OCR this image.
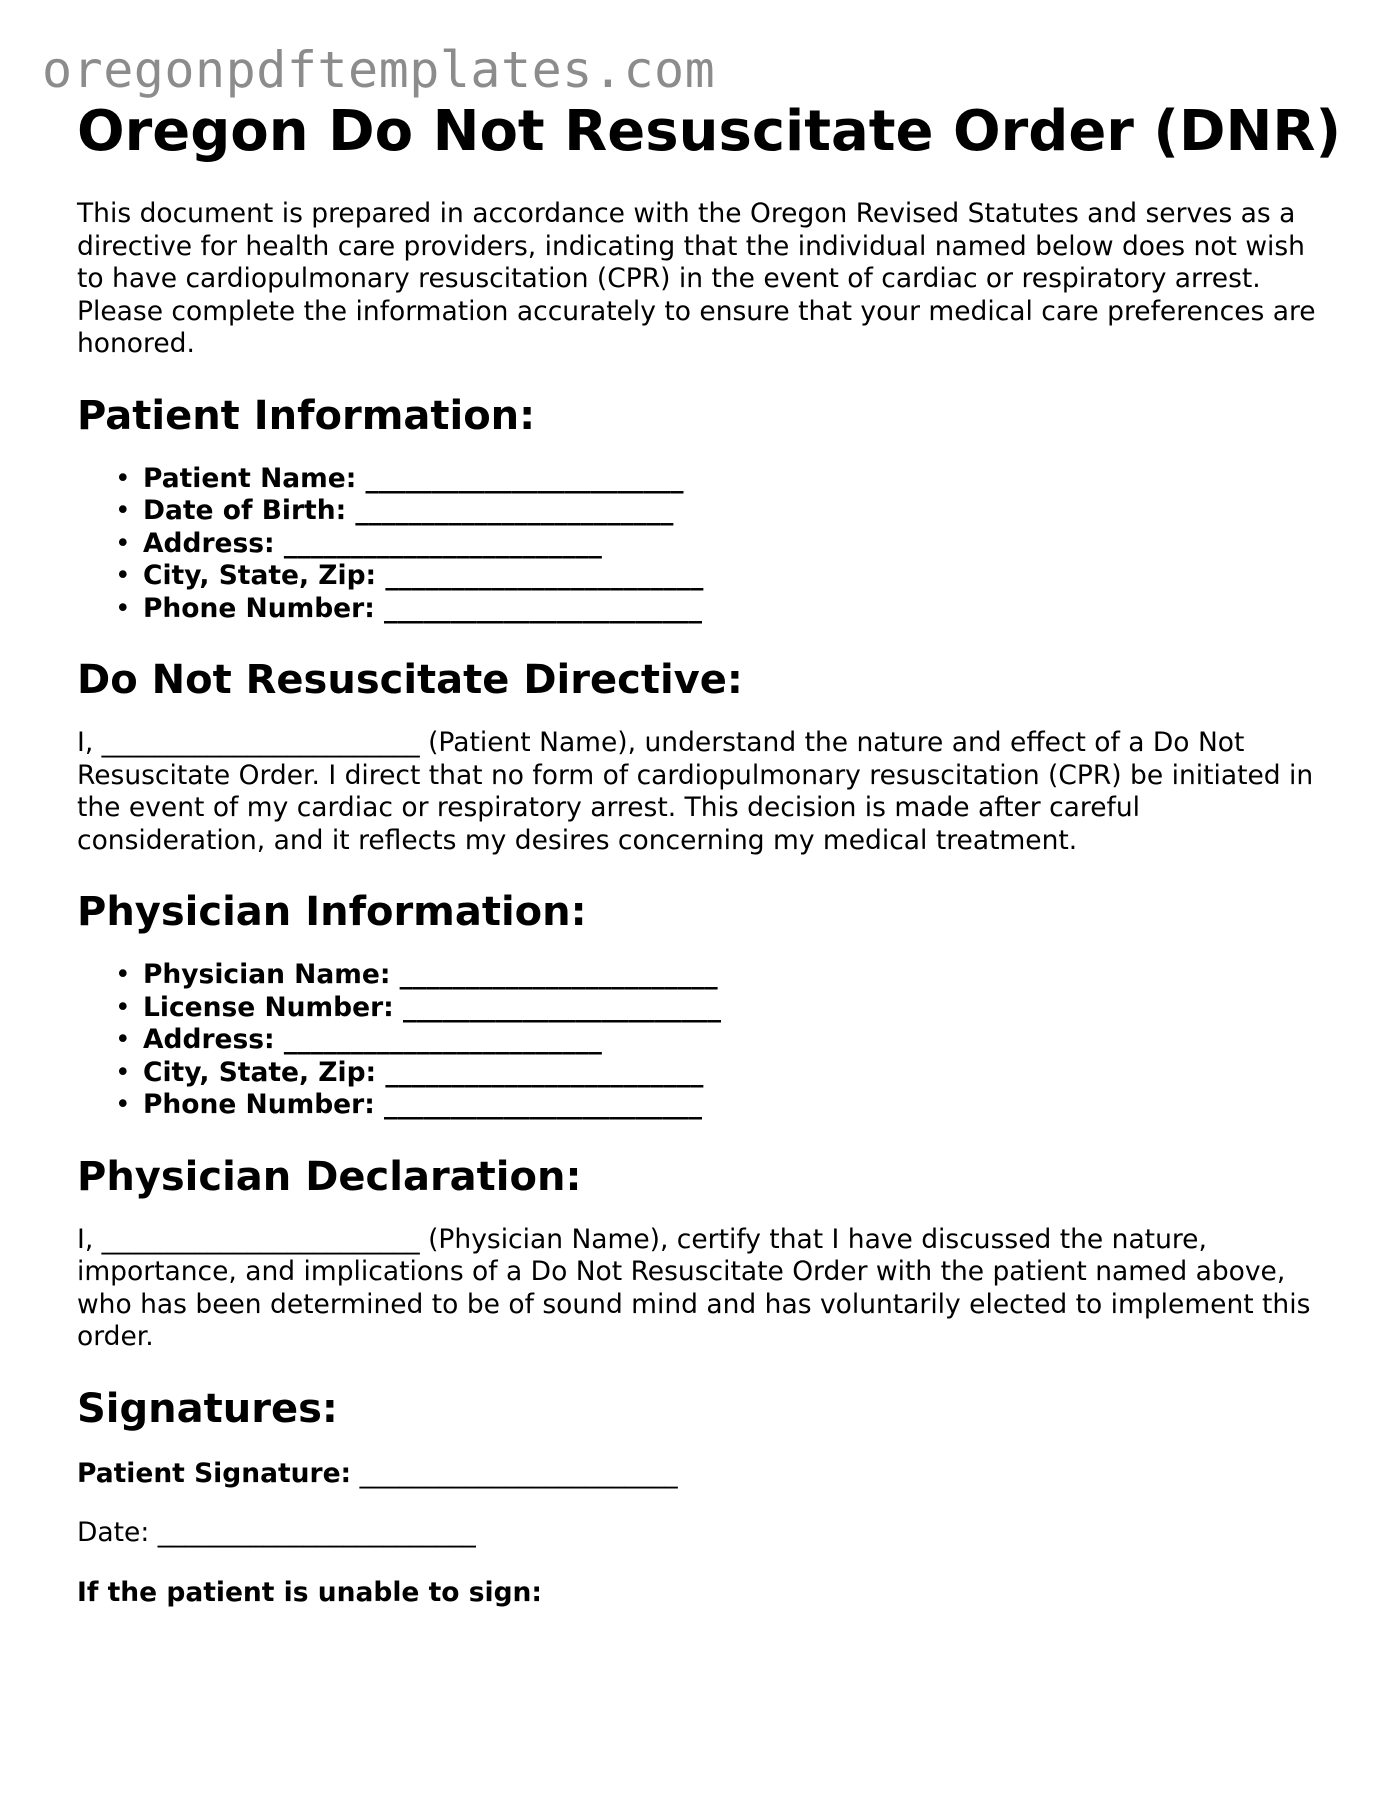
oregonpdftemplates.com
Oregon Do Not Resuscitate Order (DNR)

This document is prepared in accordance with the Oregon Revised Statutes and serves as a directive for health care providers, indicating that the individual named below does not wish to have cardiopulmonary resuscitation (CPR) in the event of cardiac or respiratory arrest. Please complete the information accurately to ensure that your medical care preferences are honored.

Patient Information:
• Patient Name: ________________________
• Date of Birth: ________________________
• Address: ________________________
• City, State, Zip: ________________________
• Phone Number: ________________________
Do Not Resuscitate Directive:

I, ________________________ (Patient Name), understand the nature and effect of a Do Not Resuscitate Order. I direct that no form of cardiopulmonary resuscitation (CPR) be initiated in the event of my cardiac or respiratory arrest. This decision is made after careful consideration, and it reflects my desires concerning my medical treatment.

Physician Information:
• Physician Name: ________________________
• License Number: ________________________
• Address: ________________________
• City, State, Zip: ________________________
• Phone Number: ________________________
Physician Declaration:

I, ________________________ (Physician Name), certify that I have discussed the nature, importance, and implications of a Do Not Resuscitate Order with the patient named above, who has been determined to be of sound mind and has voluntarily elected to implement this order.

Signatures:
Patient Signature: ________________________
Date: ________________________
If the patient is unable to sign:
